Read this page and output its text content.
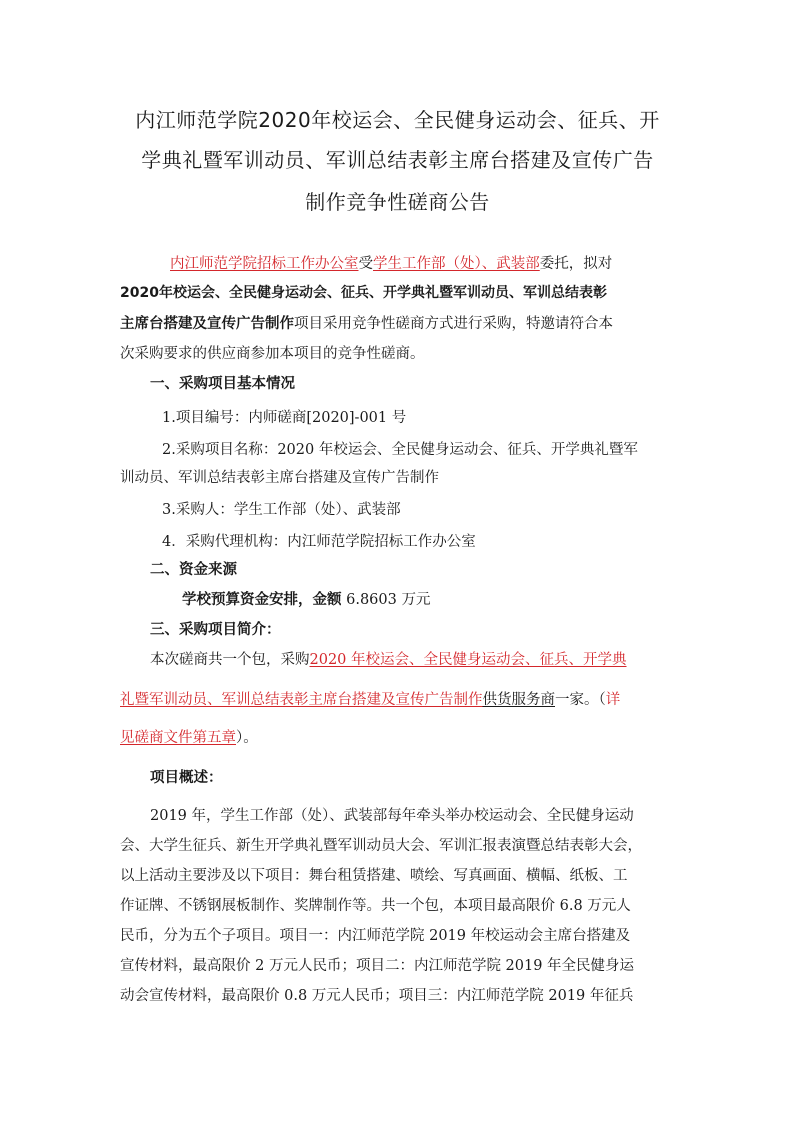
内江师范学院2020年校运会、全民健身运动会、征兵、开
学典礼暨军训动员、军训总结表彰主席台搭建及宣传广告
制作竞争性磋商公告
内江师范学院招标工作办公室受学生工作部（处）、武装部委托，拟对
2020年校运会、全民健身运动会、征兵、开学典礼暨军训动员、军训总结表彰
主席台搭建及宣传广告制作项目采用竞争性磋商方式进行采购，特邀请符合本
次采购要求的供应商参加本项目的竞争性磋商。
一、采购项目基本情况
1.项目编号：内师磋商[2020]-001 号
2.采购项目名称：2020 年校运会、全民健身运动会、征兵、开学典礼暨军
训动员、军训总结表彰主席台搭建及宣传广告制作
3.采购人：学生工作部（处）、武装部
4．采购代理机构：内江师范学院招标工作办公室
二、资金来源
学校预算资金安排，金额 6.8603 万元
三、采购项目简介：
本次磋商共一个包，采购2020 年校运会、全民健身运动会、征兵、开学典
礼暨军训动员、军训总结表彰主席台搭建及宣传广告制作供货服务商一家。（详
见磋商文件第五章）。
项目概述：
2019 年，学生工作部（处）、武装部每年牵头举办校运动会、全民健身运动
会、大学生征兵、新生开学典礼暨军训动员大会、军训汇报表演暨总结表彰大会，
以上活动主要涉及以下项目：舞台租赁搭建、喷绘、写真画面、横幅、纸板、工
作证牌、不锈钢展板制作、奖牌制作等。共一个包，本项目最高限价 6.8 万元人
民币，分为五个子项目。项目一：内江师范学院 2019 年校运动会主席台搭建及
宣传材料，最高限价 2 万元人民币；项目二：内江师范学院 2019 年全民健身运
动会宣传材料，最高限价 0.8 万元人民币；项目三：内江师范学院 2019 年征兵
